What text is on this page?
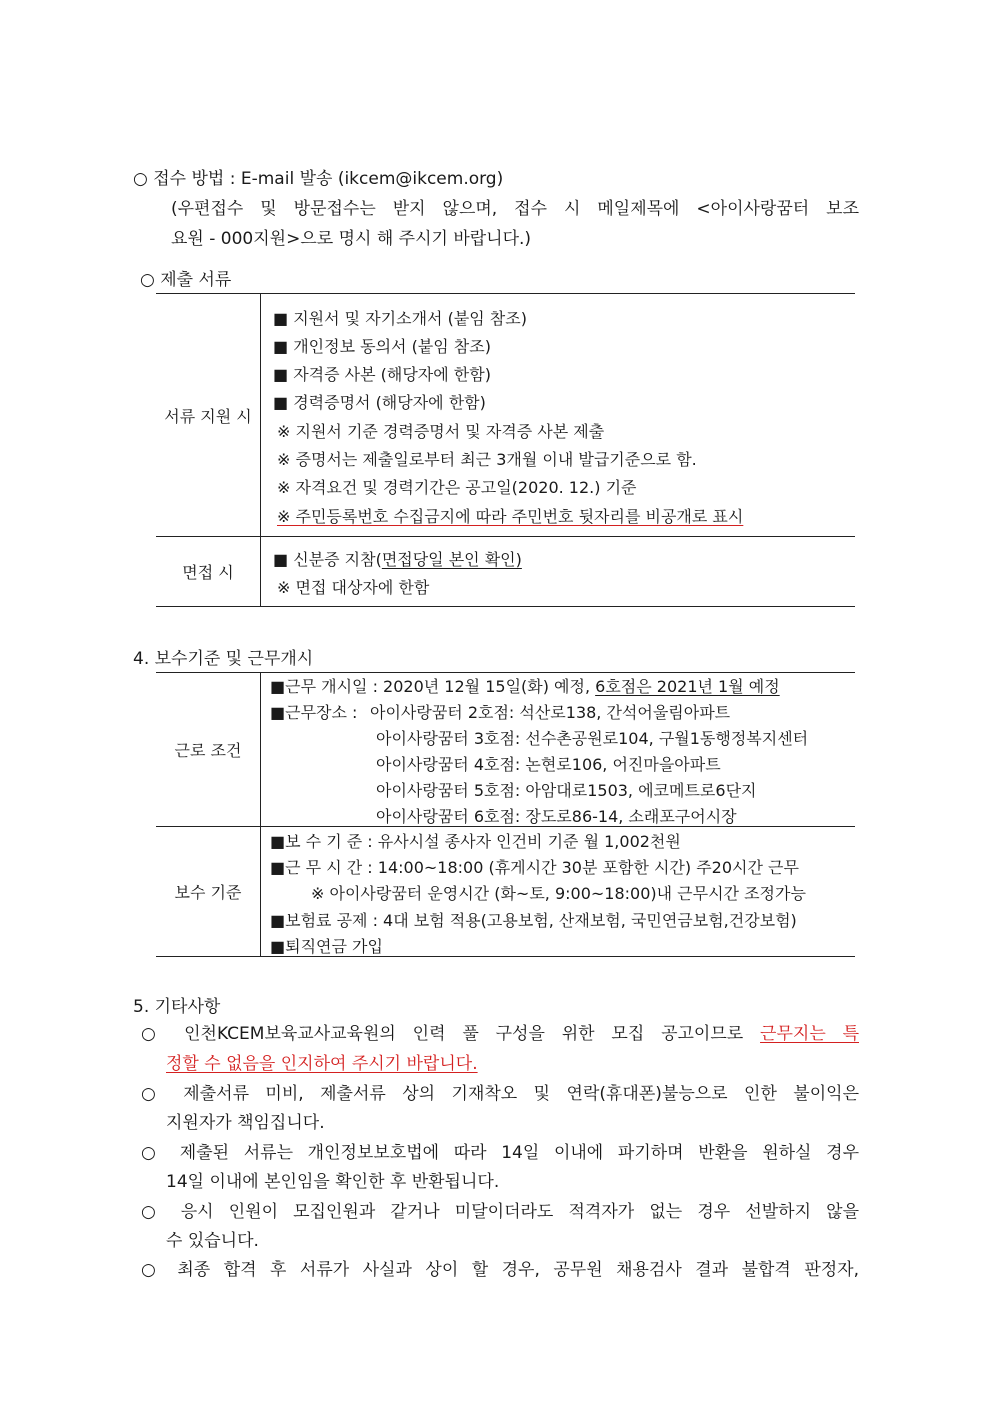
○ 접수 방법 : E-mail 발송 (ikcem@ikcem.org)
(우편접수 및 방문접수는 받지 않으며, 접수 시 메일제목에 <아이사랑꿈터 보조
요원 - 000지원>으로 명시 해 주시기 바랍니다.)
○ 제출 서류
서류 지원 시
■ 지원서 및 자기소개서 (붙임 참조)
■ 개인정보 동의서 (붙임 참조)
■ 자격증 사본 (해당자에 한함)
■ 경력증명서 (해당자에 한함)
※ 지원서 기준 경력증명서 및 자격증 사본 제출
※ 증명서는 제출일로부터 최근 3개월 이내 발급기준으로 함.
※ 자격요건 및 경력기간은 공고일(2020. 12.) 기준
※ 주민등록번호 수집금지에 따라 주민번호 뒷자리를 비공개로 표시
면접 시
■ 신분증 지참(면접당일 본인 확인)
※ 면접 대상자에 한함
4. 보수기준 및 근무개시
근로 조건
■근무 개시일 : 2020년 12월 15일(화) 예정, 6호점은 2021년 1월 예정
■근무장소 : 아이사랑꿈터 2호점: 석산로138, 간석어울림아파트
아이사랑꿈터 3호점: 선수촌공원로104, 구월1동행정복지센터
아이사랑꿈터 4호점: 논현로106, 어진마을아파트
아이사랑꿈터 5호점: 아암대로1503, 에코메트로6단지
아이사랑꿈터 6호점: 장도로86-14, 소래포구어시장
보수 기준
■보 수 기 준 : 유사시설 종사자 인건비 기준 월 1,002천원
■근 무 시 간 : 14:00~18:00 (휴게시간 30분 포함한 시간) 주20시간 근무
※ 아이사랑꿈터 운영시간 (화~토, 9:00~18:00)내 근무시간 조정가능
■보험료 공제 : 4대 보험 적용(고용보험, 산재보험, 국민연금보험,건강보험)
■퇴직연금 가입
5. 기타사항
○ 인천KCEM보육교사교육원의 인력 풀 구성을 위한 모집 공고이므로 근무지는 특
정할 수 없음을 인지하여 주시기 바랍니다.
○ 제출서류 미비, 제출서류 상의 기재착오 및 연락(휴대폰)불능으로 인한 불이익은
지원자가 책임집니다.
○ 제출된 서류는 개인정보보호법에 따라 14일 이내에 파기하며 반환을 원하실 경우
14일 이내에 본인임을 확인한 후 반환됩니다.
○ 응시 인원이 모집인원과 같거나 미달이더라도 적격자가 없는 경우 선발하지 않을
수 있습니다.
○ 최종 합격 후 서류가 사실과 상이 할 경우, 공무원 채용검사 결과 불합격 판정자,
